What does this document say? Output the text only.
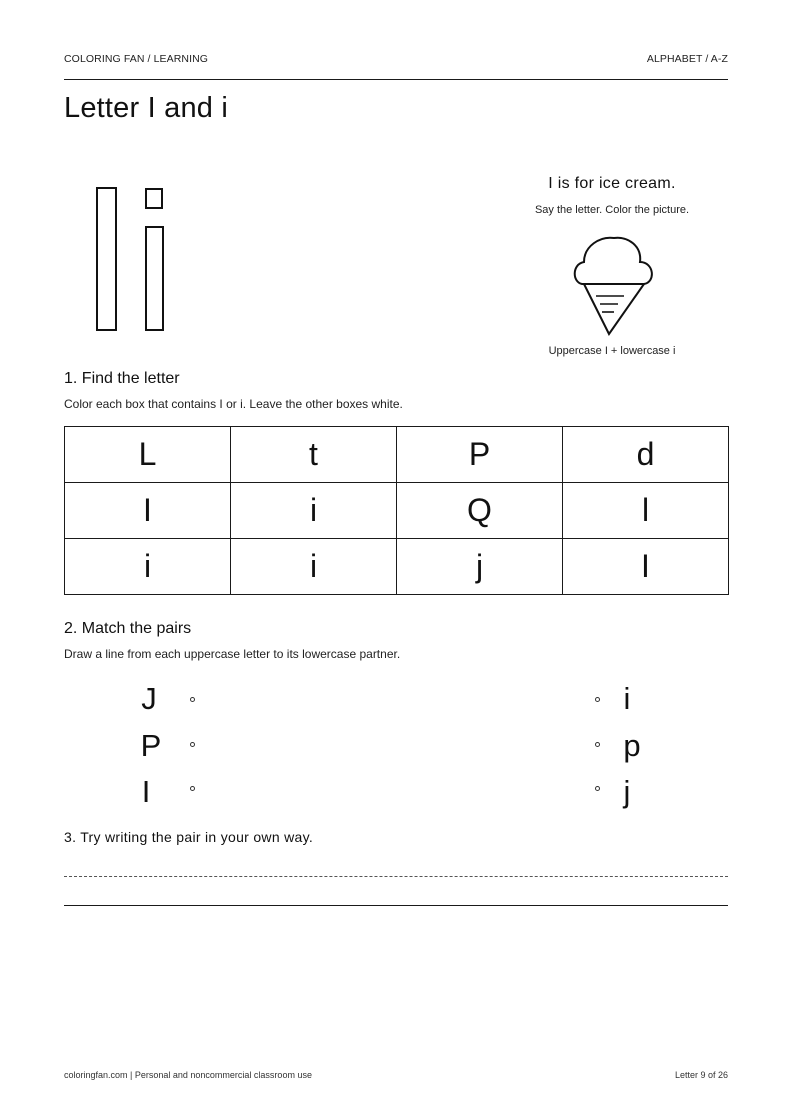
COLORING FAN / LEARNING	ALPHABET / A-Z
Letter I and i
I is for ice cream.
Say the letter. Color the picture.
Uppercase I + lowercase i
1. Find the letter
Color each box that contains I or i. Leave the other boxes white.
L	t	P	d
I	i	Q	l
i	i	j	I
2. Match the pairs
Draw a line from each uppercase letter to its lowercase partner.
J
P
I
i
p
j
3. Try writing the pair in your own way.
coloringfan.com | Personal and noncommercial classroom use	Letter 9 of 26
